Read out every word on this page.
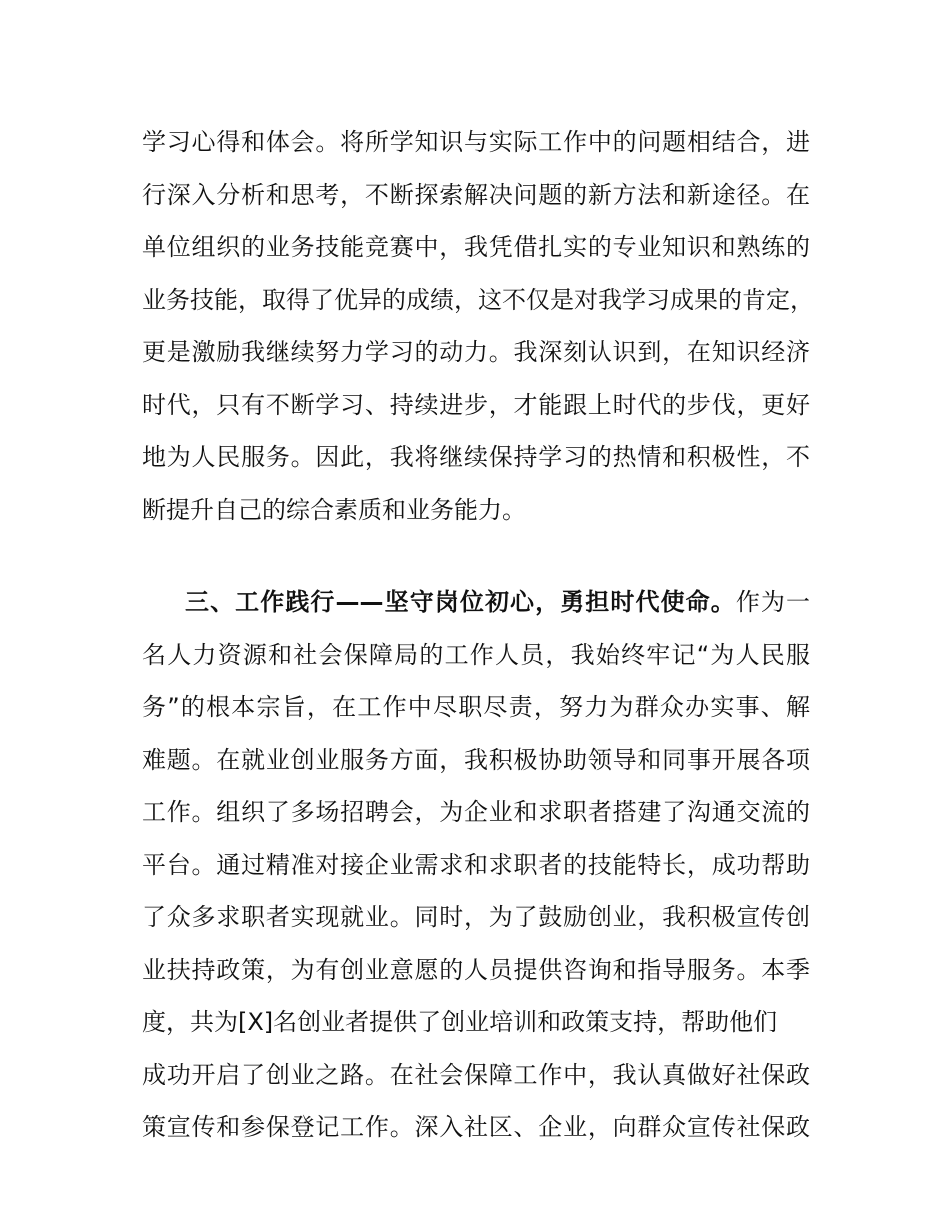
学习心得和体会。将所学知识与实际工作中的问题相结合，进
行深入分析和思考，不断探索解决问题的新方法和新途径。在
单位组织的业务技能竞赛中，我凭借扎实的专业知识和熟练的
业务技能，取得了优异的成绩，这不仅是对我学习成果的肯定，
更是激励我继续努力学习的动力。我深刻认识到，在知识经济
时代，只有不断学习、持续进步，才能跟上时代的步伐，更好
地为人民服务。因此，我将继续保持学习的热情和积极性，不
断提升自己的综合素质和业务能力。
三、工作践行——坚守岗位初心，勇担时代使命。作为一
名人力资源和社会保障局的工作人员，我始终牢记“为人民服
务”的根本宗旨，在工作中尽职尽责，努力为群众办实事、解
难题。在就业创业服务方面，我积极协助领导和同事开展各项
工作。组织了多场招聘会，为企业和求职者搭建了沟通交流的
平台。通过精准对接企业需求和求职者的技能特长，成功帮助
了众多求职者实现就业。同时，为了鼓励创业，我积极宣传创
业扶持政策，为有创业意愿的人员提供咨询和指导服务。本季
度，共为[X]名创业者提供了创业培训和政策支持，帮助他们
成功开启了创业之路。在社会保障工作中，我认真做好社保政
策宣传和参保登记工作。深入社区、企业，向群众宣传社保政
